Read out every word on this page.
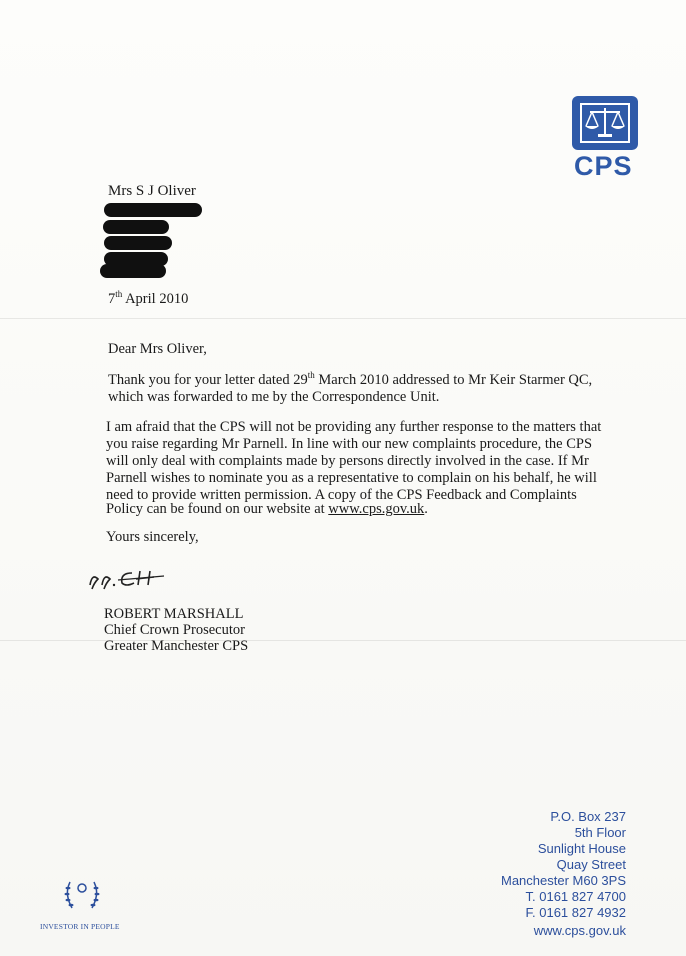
CPS
Mrs S J Oliver
7th April 2010
Dear Mrs Oliver,
Thank you for your letter dated 29th March 2010 addressed to Mr Keir Starmer QC,
which was forwarded to me by the Correspondence Unit.
I am afraid that the CPS will not be providing any further response to the matters that
you raise regarding Mr Parnell. In line with our new complaints procedure, the CPS
will only deal with complaints made by persons directly involved in the case. If Mr
Parnell wishes to nominate you as a representative to complain on his behalf, he will
need to provide written permission. A copy of the CPS Feedback and Complaints
Policy can be found on our website at www.cps.gov.uk.
Yours sincerely,
ROBERT MARSHALL
Chief Crown Prosecutor
Greater Manchester CPS
P.O. Box 237
5th Floor
Sunlight House
Quay Street
Manchester M60 3PS
T. 0161 827 4700
F. 0161 827 4932
www.cps.gov.uk
INVESTOR IN PEOPLE
